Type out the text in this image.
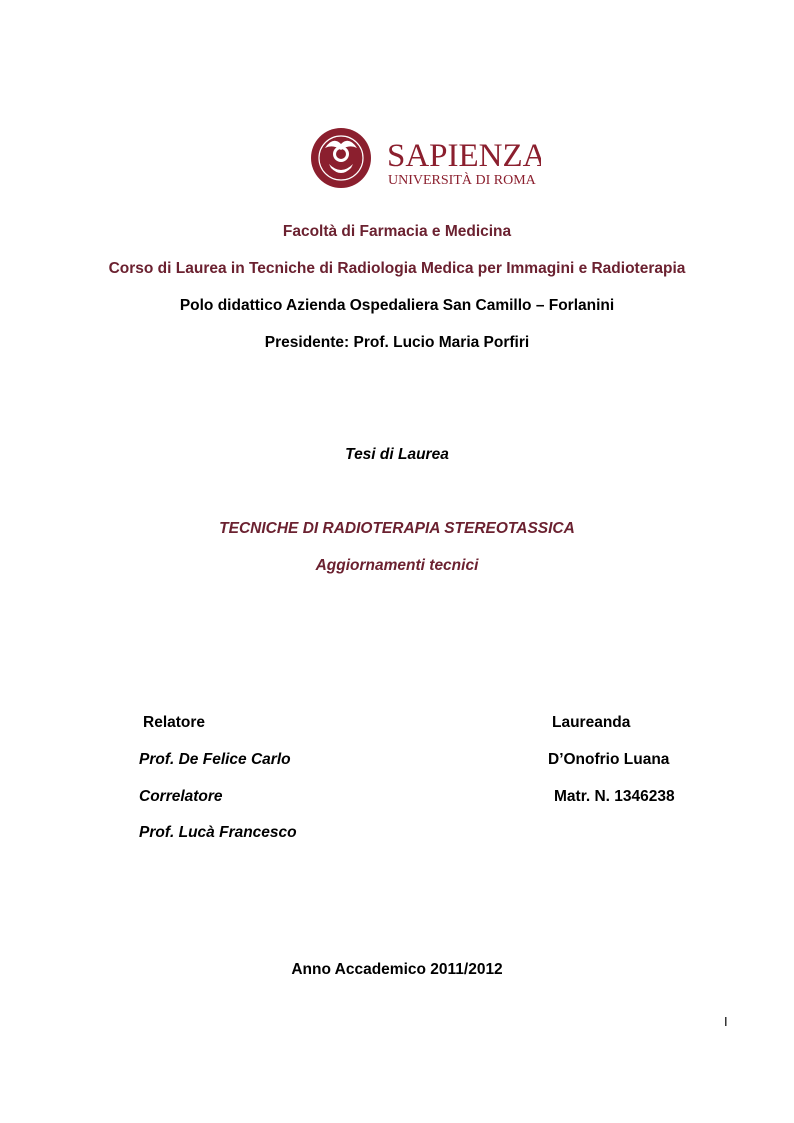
SAPIENZA
UNIVERSITÀ DI ROMA
Facoltà di Farmacia e Medicina
Corso di Laurea in Tecniche di Radiologia Medica per Immagini e Radioterapia
Polo didattico Azienda Ospedaliera San Camillo – Forlanini
Presidente: Prof. Lucio Maria Porfiri
Tesi di Laurea
TECNICHE DI RADIOTERAPIA STEREOTASSICA
Aggiornamenti tecnici
Relatore
Prof. De Felice Carlo
Correlatore
Prof. Lucà Francesco
Laureanda
D’Onofrio Luana
Matr. N. 1346238
Anno Accademico 2011/2012
I
